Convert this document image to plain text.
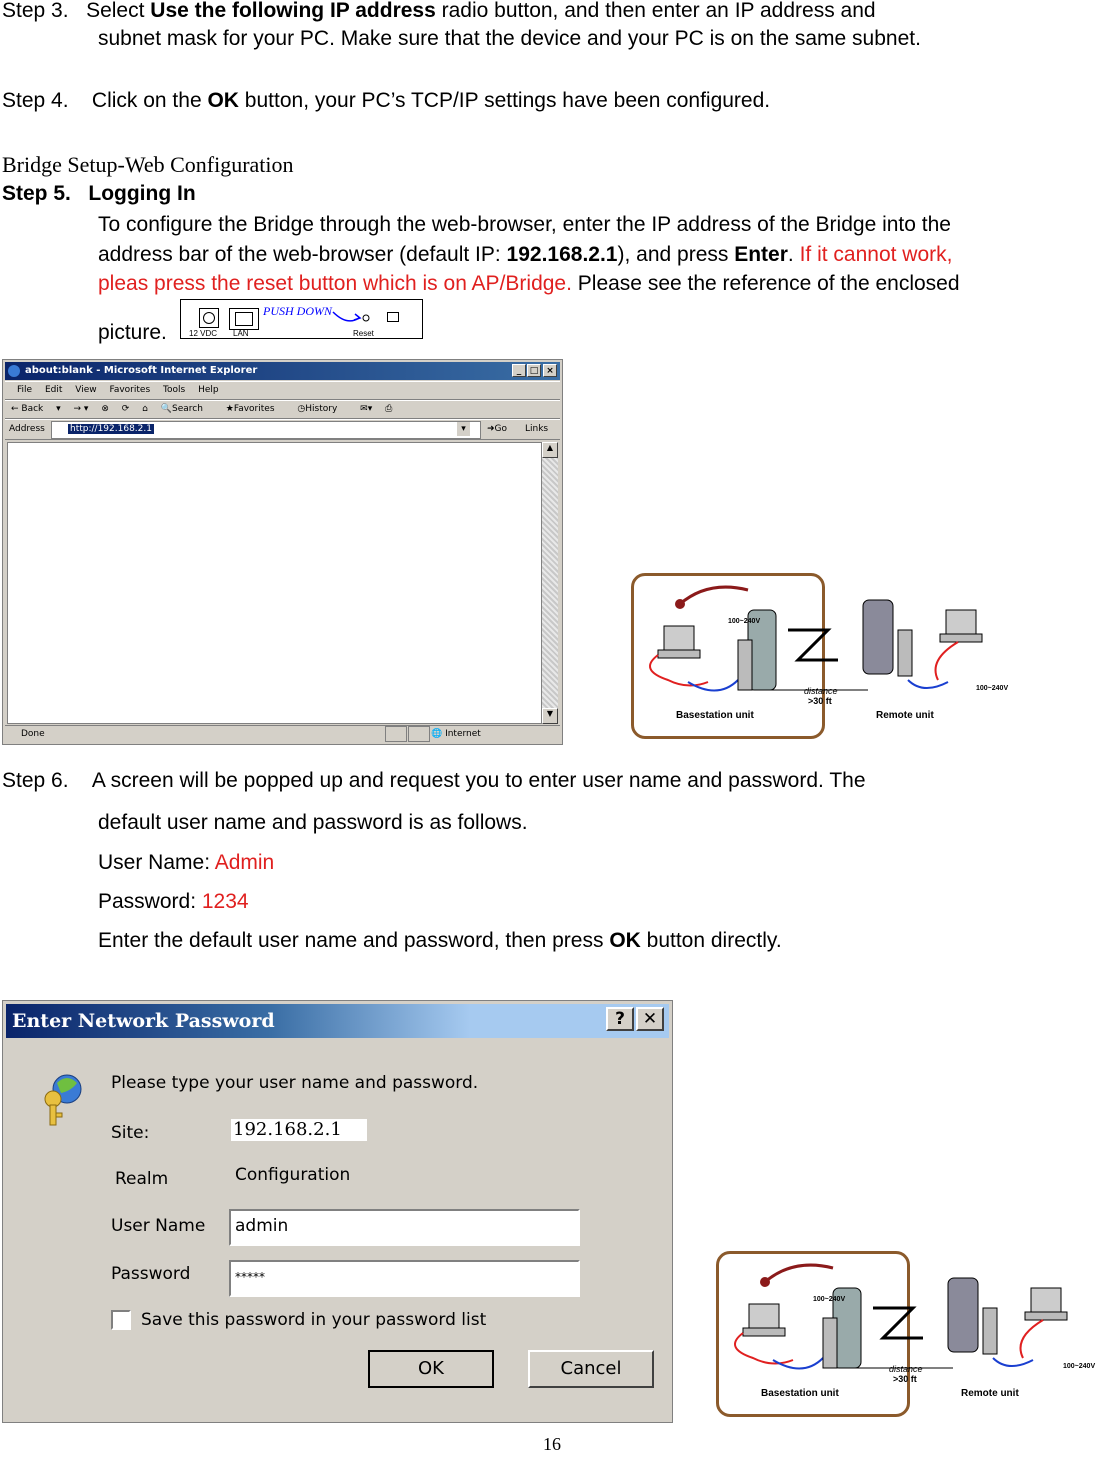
Step 3. Select Use the following IP address radio button, and then enter an IP address and
subnet mask for your PC. Make sure that the device and your PC is on the same subnet.
Step 4. Click on the OK button, your PC’s TCP/IP settings have been configured.
Bridge Setup-Web Configuration
Step 5. Logging In
To configure the Bridge through the web-browser, enter the IP address of the Bridge into the
address bar of the web-browser (default IP: 192.168.2.1), and press Enter. If it cannot work,
pleas press the reset button which is on AP/Bridge. Please see the reference of the enclosed
picture.
PUSH DOWN
12 VDC LAN	Reset
about:blank - Microsoft Internet Explorer	_ □ ×
File Edit View Favorites Tools Help
← Back ▾ → ▾ ⊗ ⟳ ⌂ 🔍Search	★Favorites	◷History	✉▾ ⎙
Address	http://192.168.2.1	▾	➜Go	Links
▲
▼
Done	🌐 Internet
100~240V
100~240V
distance
>30 ft
Basestation unit	Remote unit
Step 6. A screen will be popped up and request you to enter user name and password. The
default user name and password is as follows.
User Name: Admin
Password: 1234
Enter the default user name and password, then press OK button directly.
Enter Network Password	?	✕
Please type your user name and password.
Site:	192.168.2.1
Realm	Configuration
User Name	admin
Password	*****
Save this password in your password list
OK	Cancel
100~240V
100~240V
distance
>30 ft
Basestation unit	Remote unit
16
